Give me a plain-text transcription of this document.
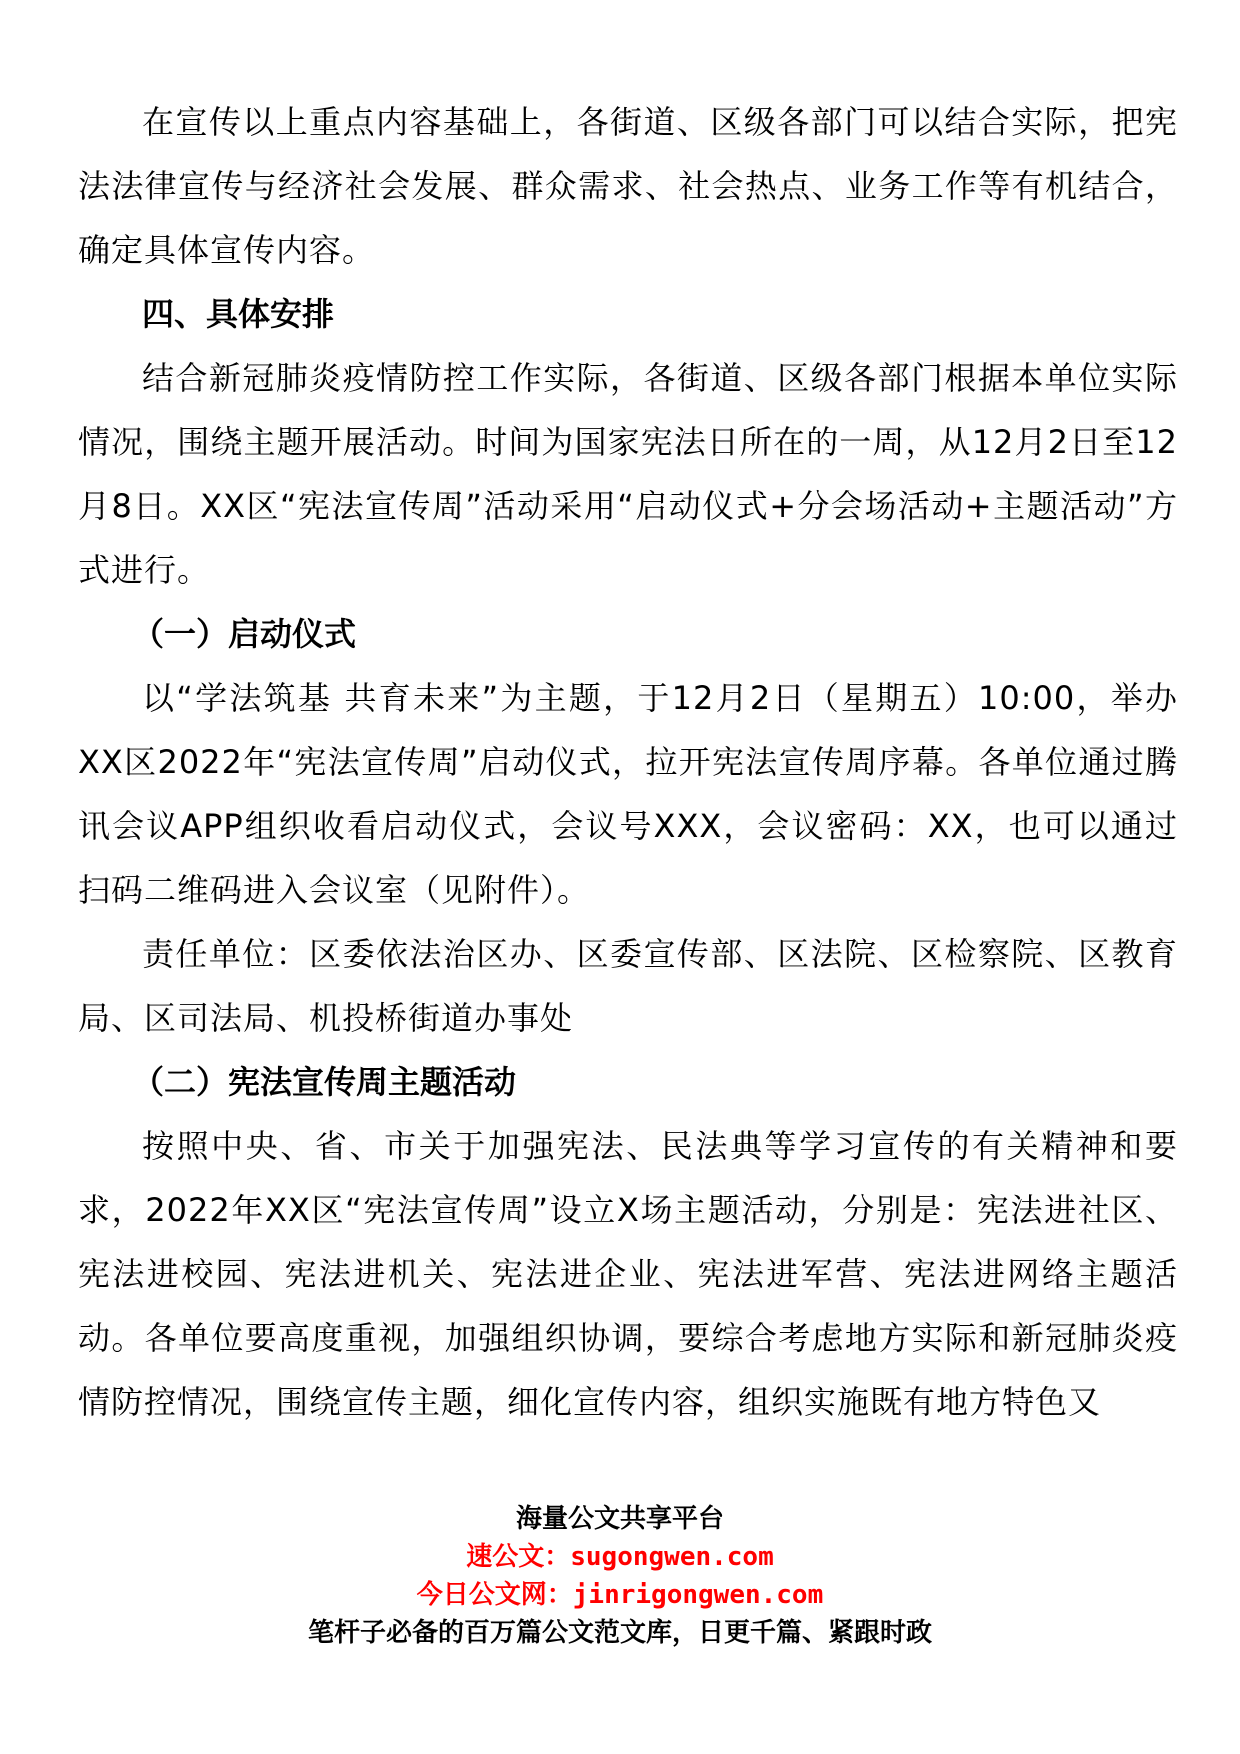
在宣传以上重点内容基础上，各街道、区级各部门可以结合实际，把宪法法律宣传与经济社会发展、群众需求、社会热点、业务工作等有机结合，确定具体宣传内容。

四、具体安排

结合新冠肺炎疫情防控工作实际，各街道、区级各部门根据本单位实际情况，围绕主题开展活动。时间为国家宪法日所在的一周，从12月2日至12月8日。XX区“宪法宣传周”活动采用“启动仪式+分会场活动+主题活动”方式进行。

（一）启动仪式

以“学法筑基 共育未来”为主题，于12月2日（星期五）10:00，举办XX区2022年“宪法宣传周”启动仪式，拉开宪法宣传周序幕。各单位通过腾讯会议APP组织收看启动仪式，会议号XXX，会议密码：XX，也可以通过扫码二维码进入会议室（见附件）。

责任单位：区委依法治区办、区委宣传部、区法院、区检察院、区教育局、区司法局、机投桥街道办事处

（二）宪法宣传周主题活动

按照中央、省、市关于加强宪法、民法典等学习宣传的有关精神和要求，2022年XX区“宪法宣传周”设立X场主题活动，分别是：宪法进社区、宪法进校园、宪法进机关、宪法进企业、宪法进军营、宪法进网络主题活动。各单位要高度重视，加强组织协调，要综合考虑地方实际和新冠肺炎疫情防控情况，围绕宣传主题，细化宣传内容，组织实施既有地方特色又

海量公文共享平台

速公文：sugongwen.com

今日公文网：jinrigongwen.com

笔杆子必备的百万篇公文范文库，日更千篇、紧跟时政
